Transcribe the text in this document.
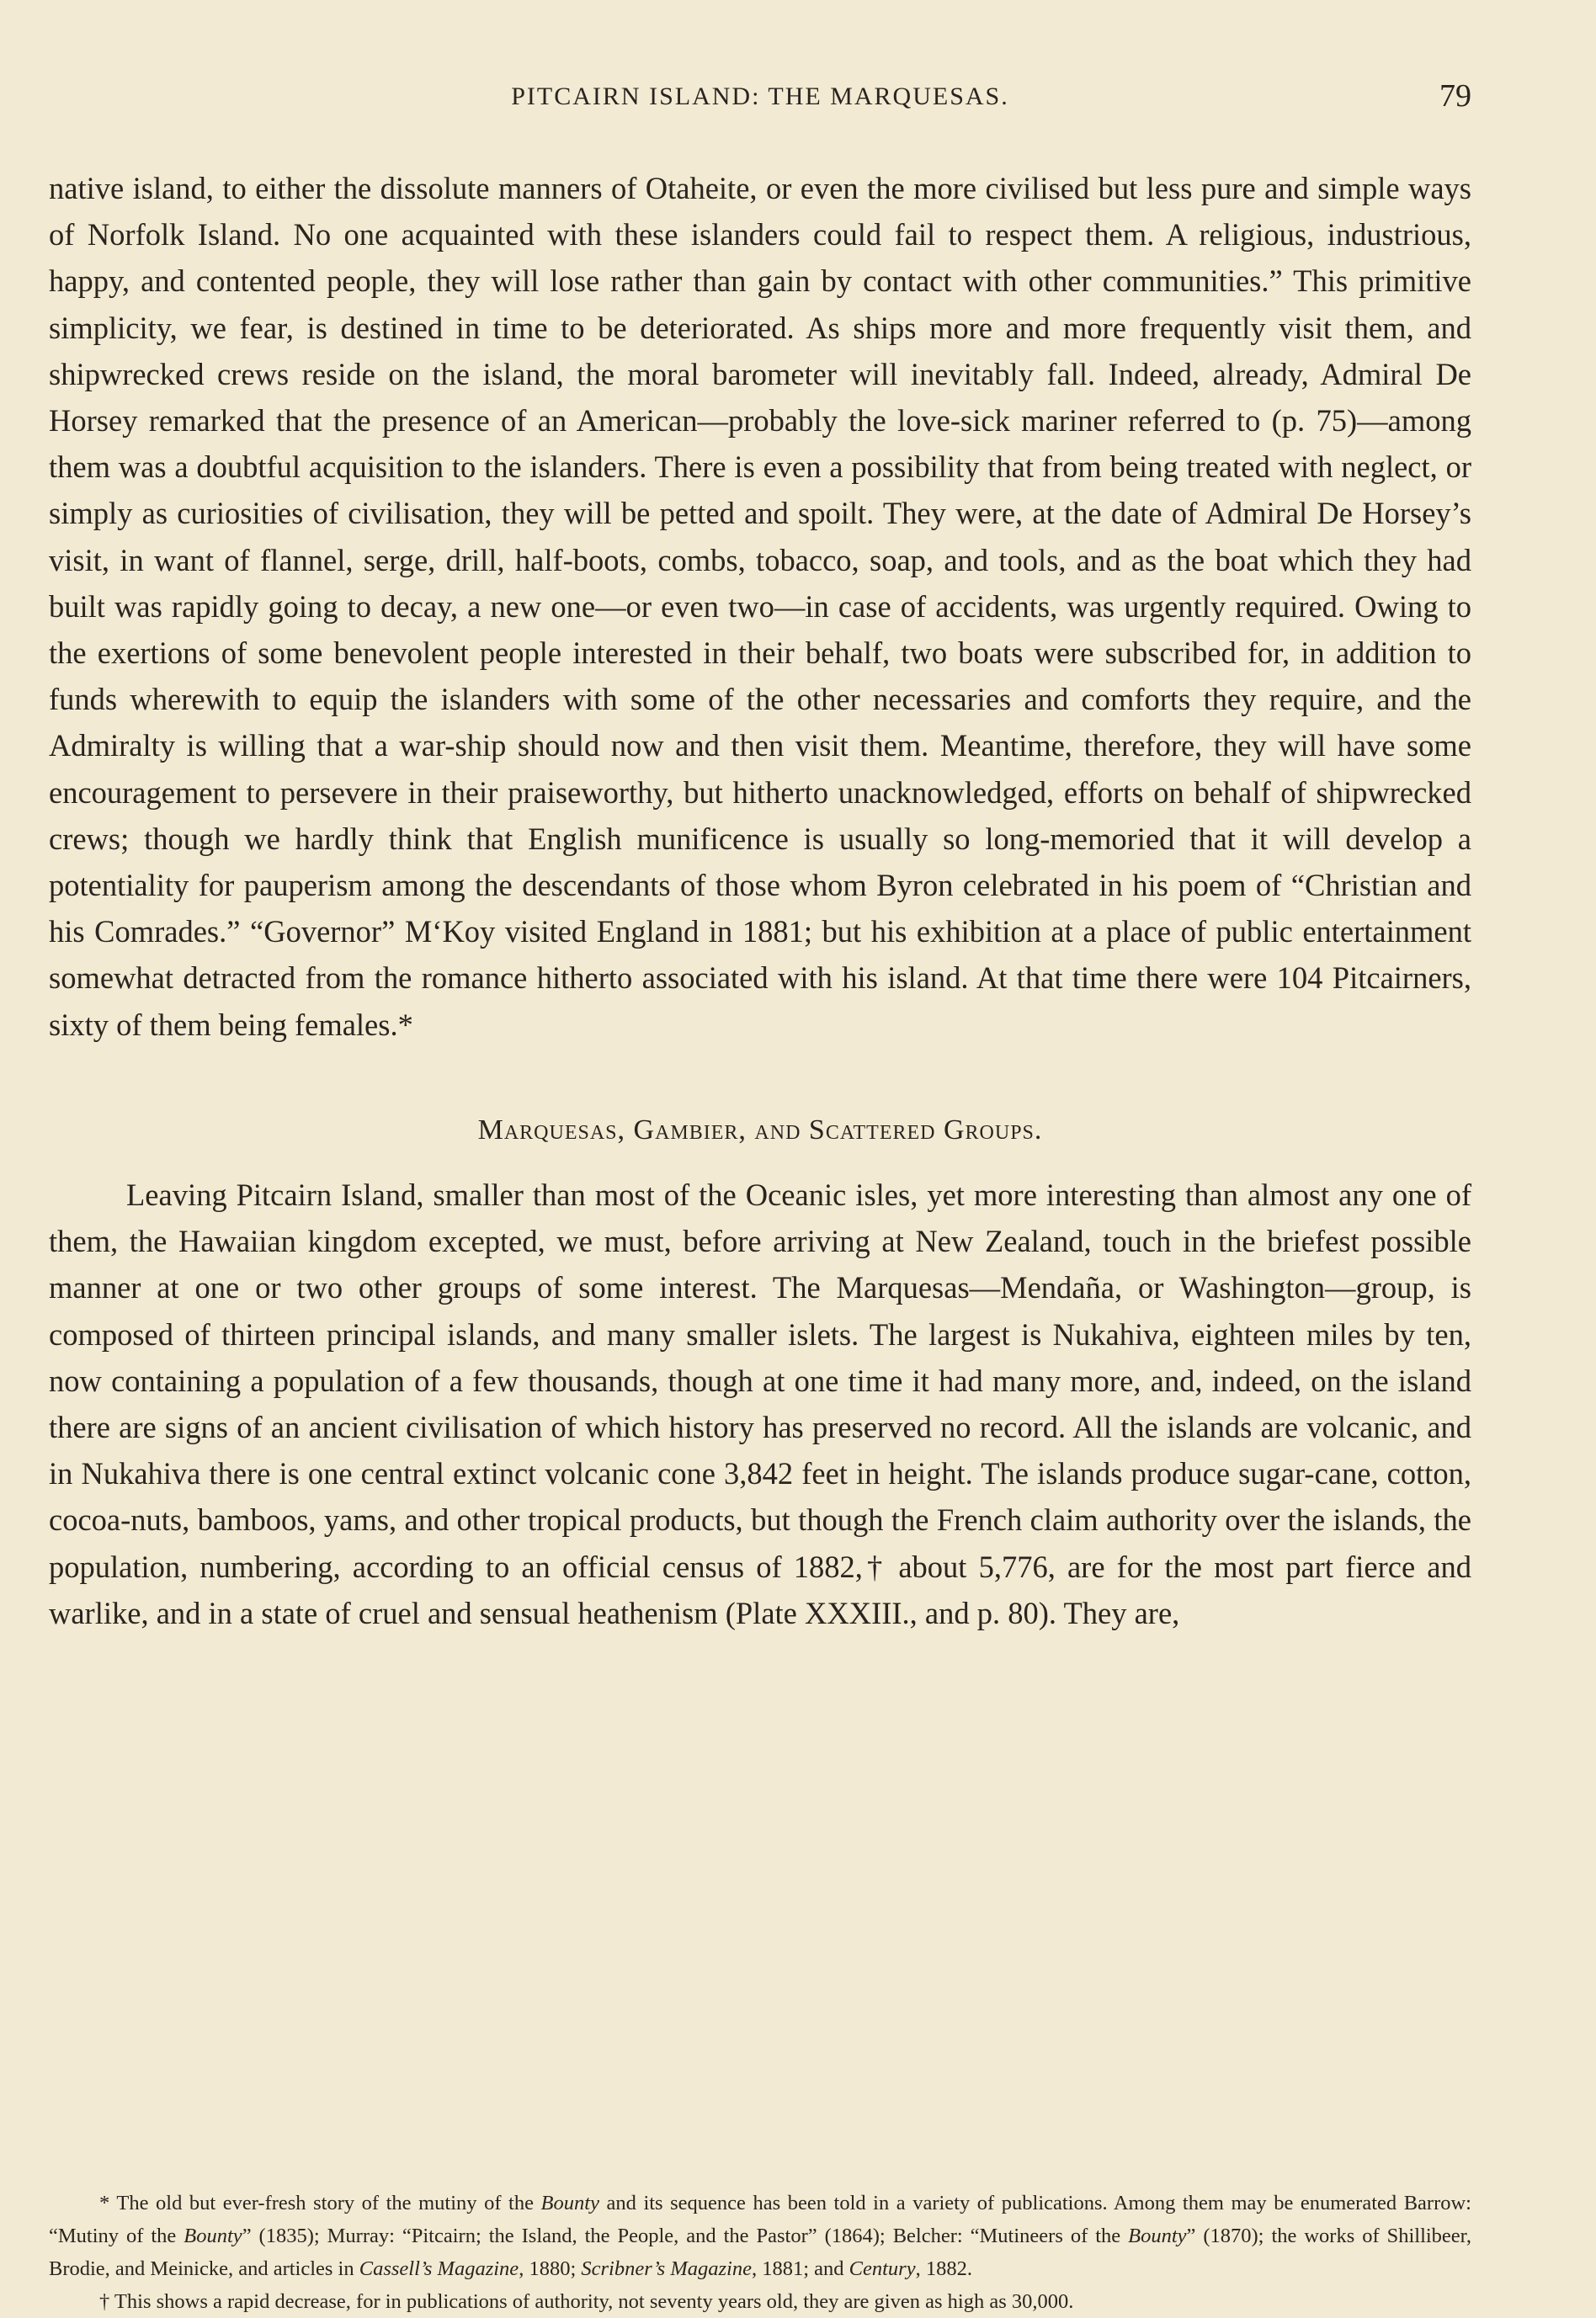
PITCAIRN ISLAND: THE MARQUESAS.	79

native island, to either the dissolute manners of Otaheite, or even the more civilised but less pure and simple ways of Norfolk Island. No one acquainted with these islanders could fail to respect them. A religious, industrious, happy, and contented people, they will lose rather than gain by contact with other communities.” This primitive simplicity, we fear, is destined in time to be deteriorated. As ships more and more frequently visit them, and shipwrecked crews reside on the island, the moral barometer will inevitably fall. Indeed, already, Admiral De Horsey remarked that the presence of an American—probably the love-sick mariner referred to (p. 75)—among them was a doubtful acquisition to the islanders. There is even a possibility that from being treated with neglect, or simply as curiosities of civilisation, they will be petted and spoilt. They were, at the date of Admiral De Horsey’s visit, in want of flannel, serge, drill, half-boots, combs, tobacco, soap, and tools, and as the boat which they had built was rapidly going to decay, a new one—or even two—in case of accidents, was urgently required. Owing to the exertions of some benevolent people interested in their behalf, two boats were subscribed for, in addition to funds wherewith to equip the islanders with some of the other necessaries and comforts they require, and the Admiralty is willing that a war-ship should now and then visit them. Meantime, therefore, they will have some encouragement to persevere in their praiseworthy, but hitherto unacknowledged, efforts on behalf of shipwrecked crews; though we hardly think that English munificence is usually so long-memoried that it will develop a potentiality for pauperism among the descendants of those whom Byron celebrated in his poem of “Christian and his Comrades.” “Governor” M‘Koy visited England in 1881; but his exhibition at a place of public entertainment somewhat detracted from the romance hitherto associated with his island. At that time there were 104 Pitcairners, sixty of them being females.*

Marquesas, Gambier, and Scattered Groups.

Leaving Pitcairn Island, smaller than most of the Oceanic isles, yet more interesting than almost any one of them, the Hawaiian kingdom excepted, we must, before arriving at New Zealand, touch in the briefest possible manner at one or two other groups of some interest. The Marquesas—Mendaña, or Washington—group, is composed of thirteen principal islands, and many smaller islets. The largest is Nukahiva, eighteen miles by ten, now containing a population of a few thousands, though at one time it had many more, and, indeed, on the island there are signs of an ancient civilisation of which history has preserved no record. All the islands are volcanic, and in Nukahiva there is one central extinct volcanic cone 3,842 feet in height. The islands produce sugar-cane, cotton, cocoa-nuts, bamboos, yams, and other tropical products, but though the French claim authority over the islands, the population, numbering, according to an official census of 1882,† about 5,776, are for the most part fierce and warlike, and in a state of cruel and sensual heathenism (Plate XXXIII., and p. 80). They are,

* The old but ever-fresh story of the mutiny of the Bounty and its sequence has been told in a variety of publications. Among them may be enumerated Barrow: “Mutiny of the Bounty” (1835); Murray: “Pitcairn; the Island, the People, and the Pastor” (1864); Belcher: “Mutineers of the Bounty” (1870); the works of Shillibeer, Brodie, and Meinicke, and articles in Cassell’s Magazine, 1880; Scribner’s Magazine, 1881; and Century, 1882.

† This shows a rapid decrease, for in publications of authority, not seventy years old, they are given as high as 30,000.
